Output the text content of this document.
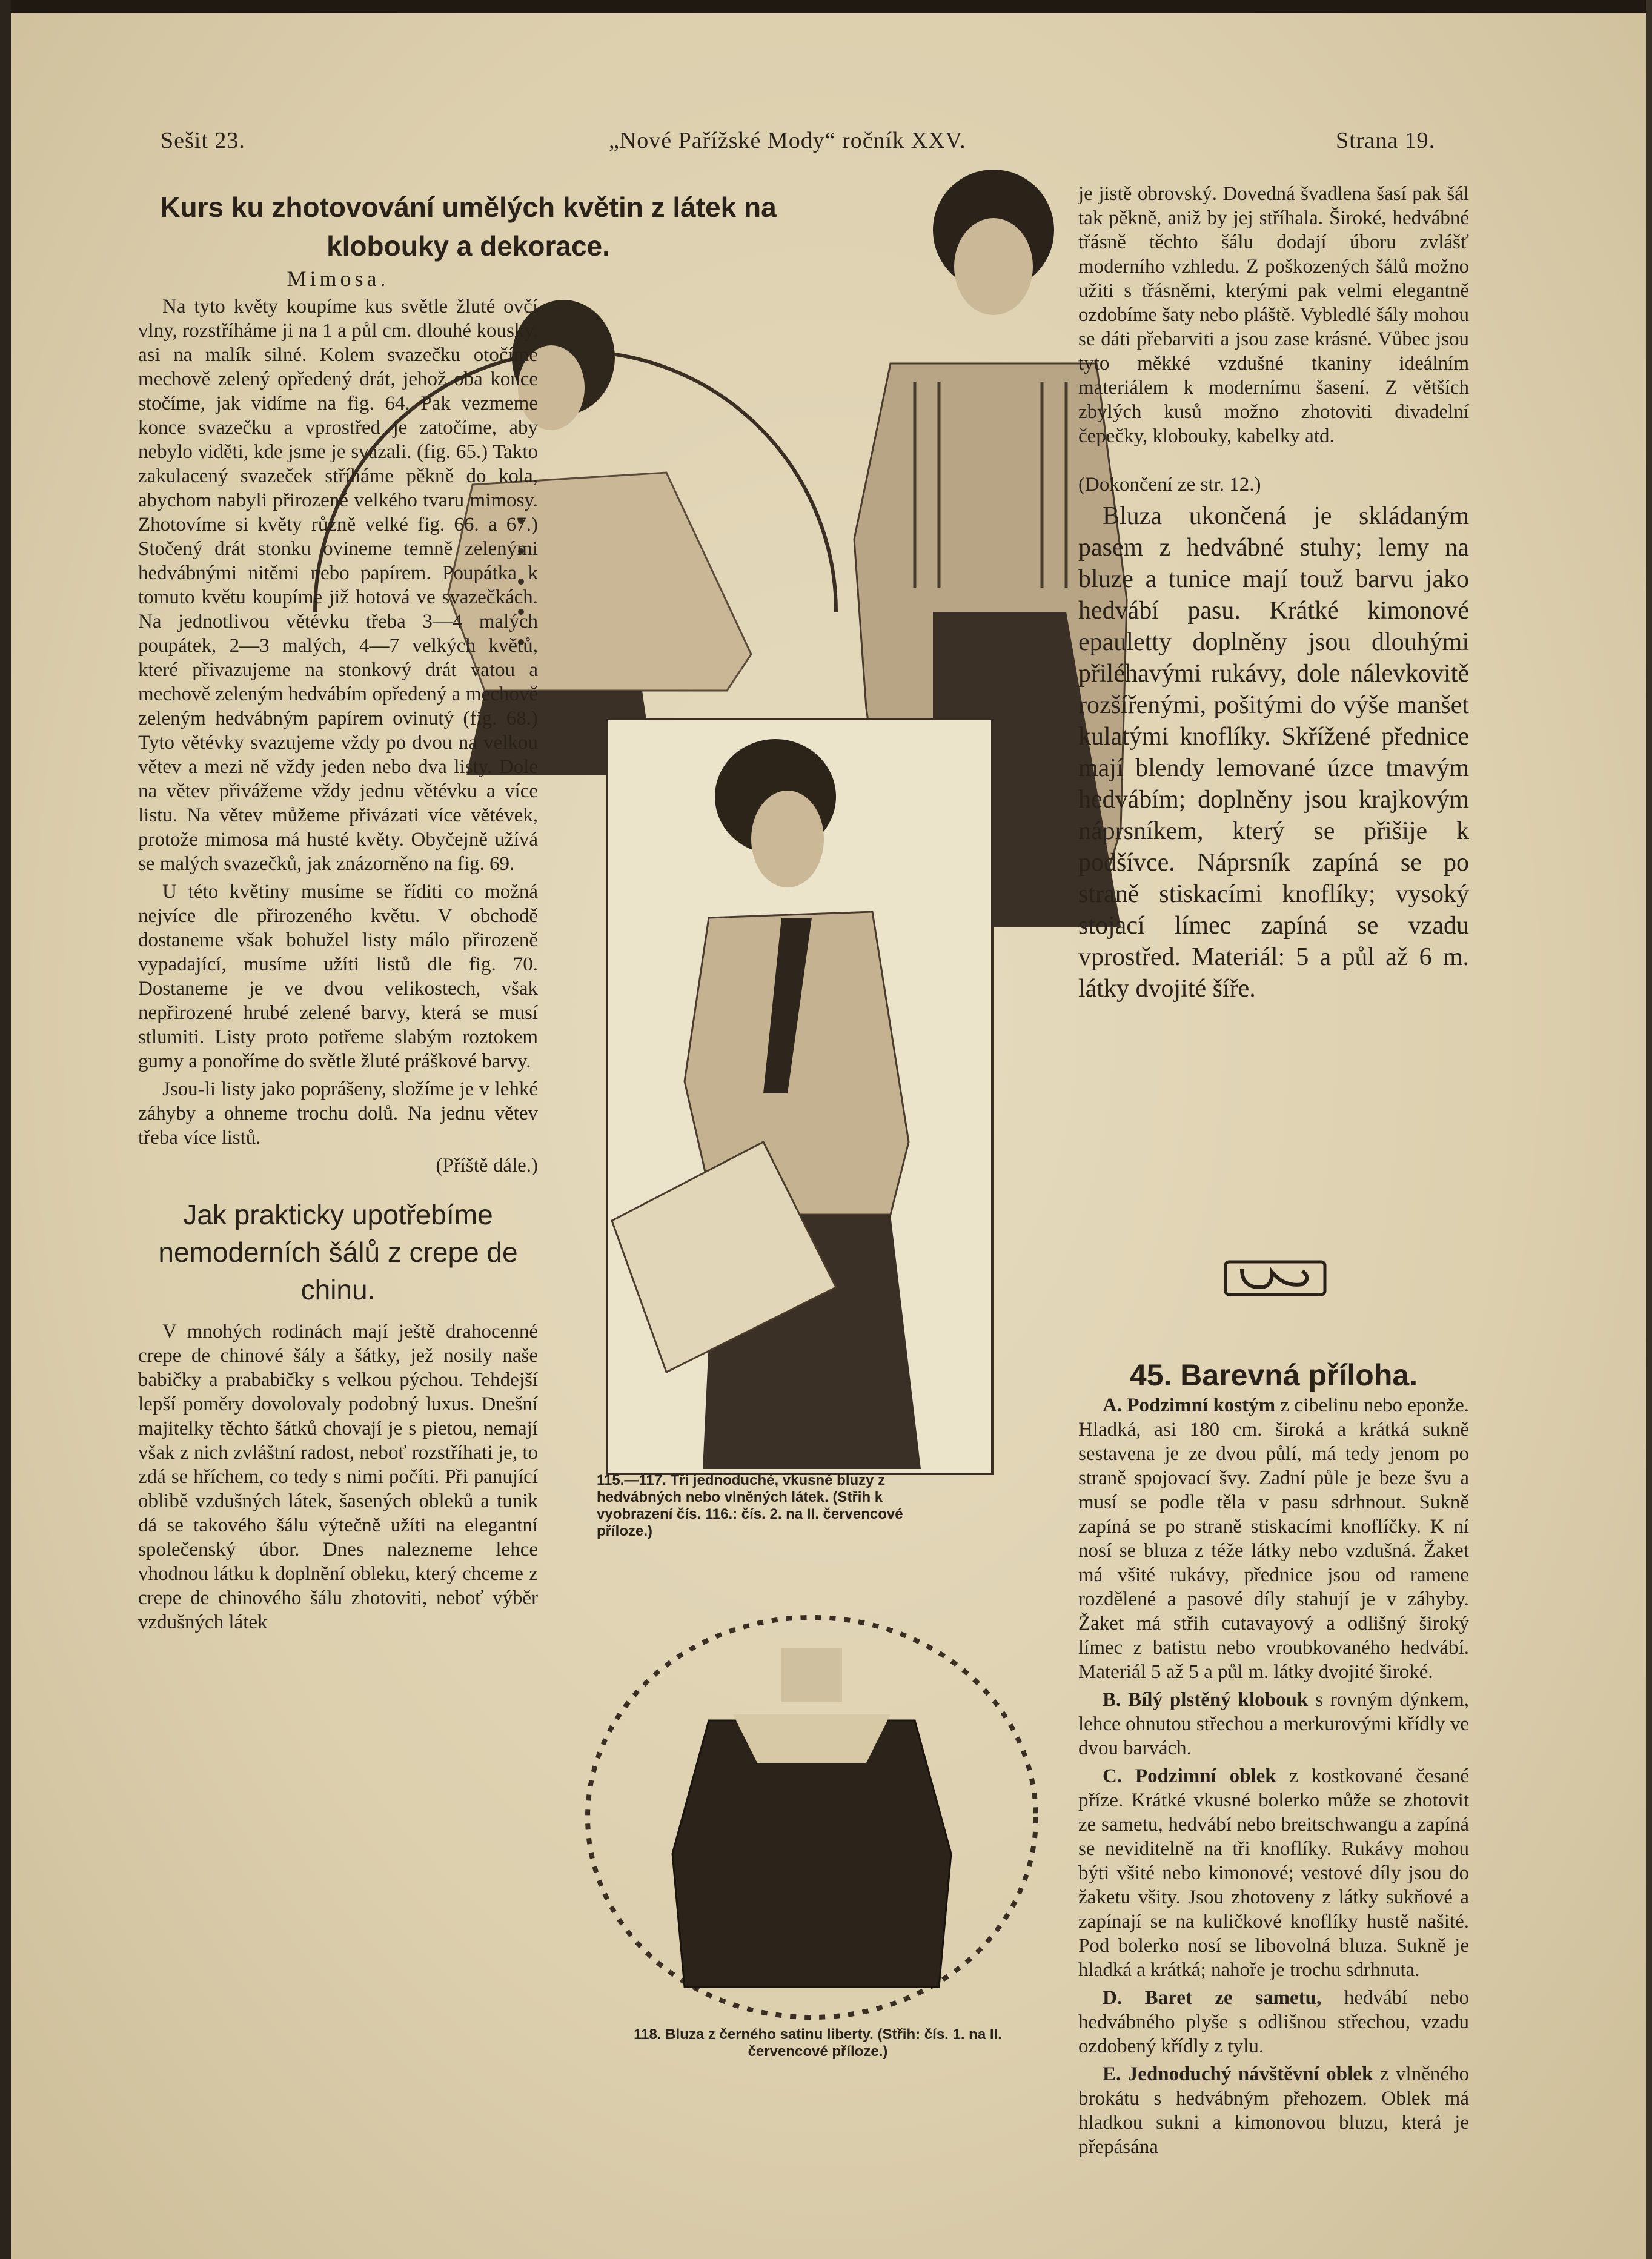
Sešit 23.	„Nové Pařížské Mody“ ročník XXV.	Strana 19.
Kurs ku zhotovování umělých květin z látek na klobouky a dekorace.

Mimosa.

Na tyto květy koupíme kus světle žluté ovčí vlny, rozstříháme ji na 1 a půl cm. dlouhé kousky, asi na malík silné. Kolem svazečku otočíme mechově zelený opředený drát, jehož oba konce stočíme, jak vidíme na fig. 64. Pak vezmeme konce svazečku a vprostřed je zatočíme, aby nebylo viděti, kde jsme je svázali. (fig. 65.) Takto zakulacený svazeček stříháme pěkně do kola, abychom nabyli přirozeně velkého tvaru mimosy. Zhotovíme si květy různě velké fig. 66. a 67.) Stočený drát stonku ovineme temně zelenými hedvábnými nitěmi nebo papírem. Poupátka k tomuto květu koupíme již hotová ve svazečkách. Na jednotlivou větévku třeba 3—4 malých poupátek, 2—3 malých, 4—7 velkých květů, které přivazujeme na stonkový drát vatou a mechově zeleným hedvábím opředený a mechově zeleným hedvábným papírem ovinutý (fig. 68.) Tyto větévky svazujeme vždy po dvou na velkou větev a mezi ně vždy jeden nebo dva listy. Dole na větev přivážeme vždy jednu větévku a více listu. Na větev můžeme přivázati více větévek, protože mimosa má husté květy. Obyčejně užívá se malých svazečků, jak znázorněno na fig. 69.

U této květiny musíme se říditi co možná nejvíce dle přirozeného květu. V obchodě dostaneme však bohužel listy málo přirozeně vypadající, musíme užíti listů dle fig. 70. Dostaneme je ve dvou velikostech, však nepřirozené hrubé zelené barvy, která se musí stlumiti. Listy proto potřeme slabým roztokem gumy a ponoříme do světle žluté práškové barvy.

Jsou-li listy jako poprášeny, složíme je v lehké záhyby a ohneme trochu dolů. Na jednu větev třeba více listů.

(Příště dále.)

Jak prakticky upotřebíme nemoderních šálů z crepe de chinu.

V mnohých rodinách mají ještě drahocenné crepe de chinové šály a šátky, jež nosily naše babičky a prababičky s velkou pýchou. Tehdejší lepší poměry dovolovaly podobný luxus. Dnešní majitelky těchto šátků chovají je s pietou, nemají však z nich zvláštní radost, neboť rozstříhati je, to zdá se hříchem, co tedy s nimi počíti. Při panující oblibě vzdušných látek, šasených obleků a tunik dá se takového šálu výtečně užíti na elegantní společenský úbor. Dnes nalezneme lehce vhodnou látku k doplnění obleku, který chceme z crepe de chinového šálu zhotoviti, neboť výběr vzdušných látek

je jistě obrovský. Dovedná švadlena šasí pak šál tak pěkně, aniž by jej stříhala. Široké, hedvábné třásně těchto šálu dodají úboru zvlášť moderního vzhledu. Z poškozených šálů možno užiti s třásněmi, kterými pak velmi elegantně ozdobíme šaty nebo pláště. Vybledlé šály mohou se dáti přebarviti a jsou zase krásné. Vůbec jsou tyto měkké vzdušné tkaniny ideálním materiálem k modernímu šasení. Z větších zbylých kusů možno zhotoviti divadelní čepečky, klobouky, kabelky atd.

(Dokončení ze str. 12.)

Bluza ukončená je skládaným pasem z hedvábné stuhy; lemy na bluze a tunice mají touž barvu jako hedvábí pasu. Krátké kimonové epauletty doplněny jsou dlouhými přiléhavými rukávy, dole nálevkovitě rozšířenými, pošitými do výše manšet kulatými knoflíky. Skřížené přednice mají blendy lemované úzce tmavým hedvábím; doplněny jsou krajkovým náprsníkem, který se přišije k podšívce. Náprsník zapíná se po straně stiskacími knoflíky; vysoký stojací límec zapíná se vzadu vprostřed. Materiál: 5 a půl až 6 m. látky dvojité šíře.

45. Barevná příloha.

A. Podzimní kostým z cibelinu nebo eponže. Hladká, asi 180 cm. široká a krátká sukně sestavena je ze dvou půlí, má tedy jenom po straně spojovací švy. Zadní půle je beze švu a musí se podle těla v pasu sdrhnout. Sukně zapíná se po straně stiskacími knoflíčky. K ní nosí se bluza z téže látky nebo vzdušná. Žaket má všité rukávy, přednice jsou od ramene rozdělené a pasové díly stahují je v záhyby. Žaket má střih cutavayový a odlišný široký límec z batistu nebo vroubkovaného hedvábí. Materiál 5 až 5 a půl m. látky dvojité široké.

B. Bílý plstěný klobouk s rovným dýnkem, lehce ohnutou střechou a merkurovými křídly ve dvou barvách.

C. Podzimní oblek z kostkované česané příze. Krátké vkusné bolerko může se zhotovit ze sametu, hedvábí nebo breitschwangu a zapíná se neviditelně na tři knoflíky. Rukávy mohou býti všité nebo kimonové; vestové díly jsou do žaketu všity. Jsou zhotoveny z látky sukňové a zapínají se na kuličkové knoflíky hustě našité. Pod bolerko nosí se libovolná bluza. Sukně je hladká a krátká; nahoře je trochu sdrhnuta.

D. Baret ze sametu, hedvábí nebo hedvábného plyše s odlišnou střechou, vzadu ozdobený křídly z tylu.

E. Jednoduchý návštěvní oblek z vlněného brokátu s hedvábným přehozem. Oblek má hladkou sukni a kimonovou bluzu, která je přepásána

115.—117. Tři jednoduché, vkusné bluzy z hedvábných nebo vlněných látek. (Střih k vyobrazení čís. 116.: čís. 2. na II. červencové příloze.)
118. Bluza z černého satinu liberty. (Střih: čís. 1. na II. červencové příloze.)
